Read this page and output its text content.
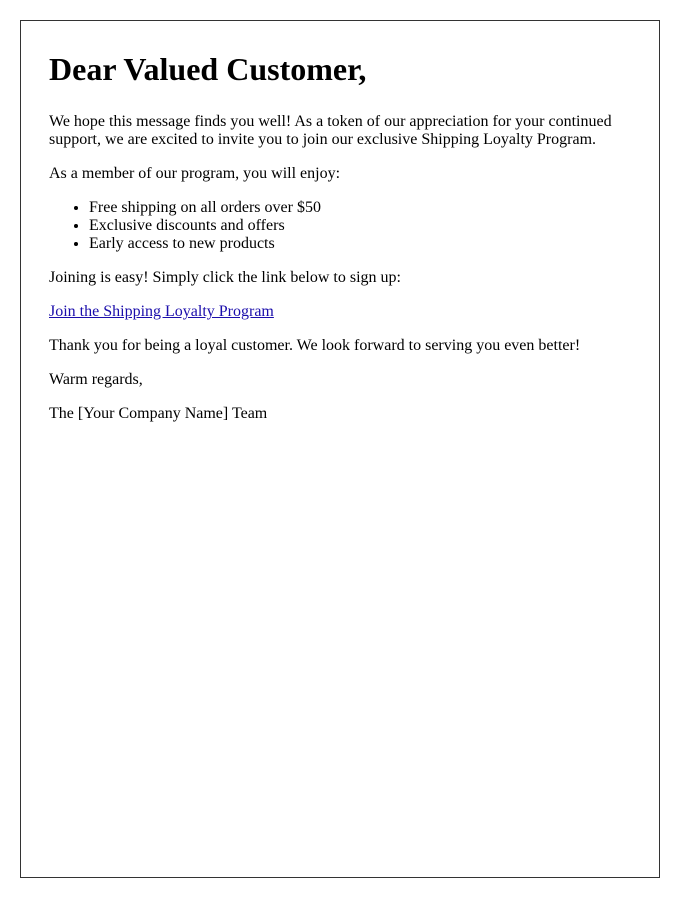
Dear Valued Customer,

We hope this message finds you well! As a token of our appreciation for your continued support, we are excited to invite you to join our exclusive Shipping Loyalty Program.

As a member of our program, you will enjoy:

• Free shipping on all orders over $50
• Exclusive discounts and offers
• Early access to new products

Joining is easy! Simply click the link below to sign up:

Join the Shipping Loyalty Program

Thank you for being a loyal customer. We look forward to serving you even better!

Warm regards,

The [Your Company Name] Team
